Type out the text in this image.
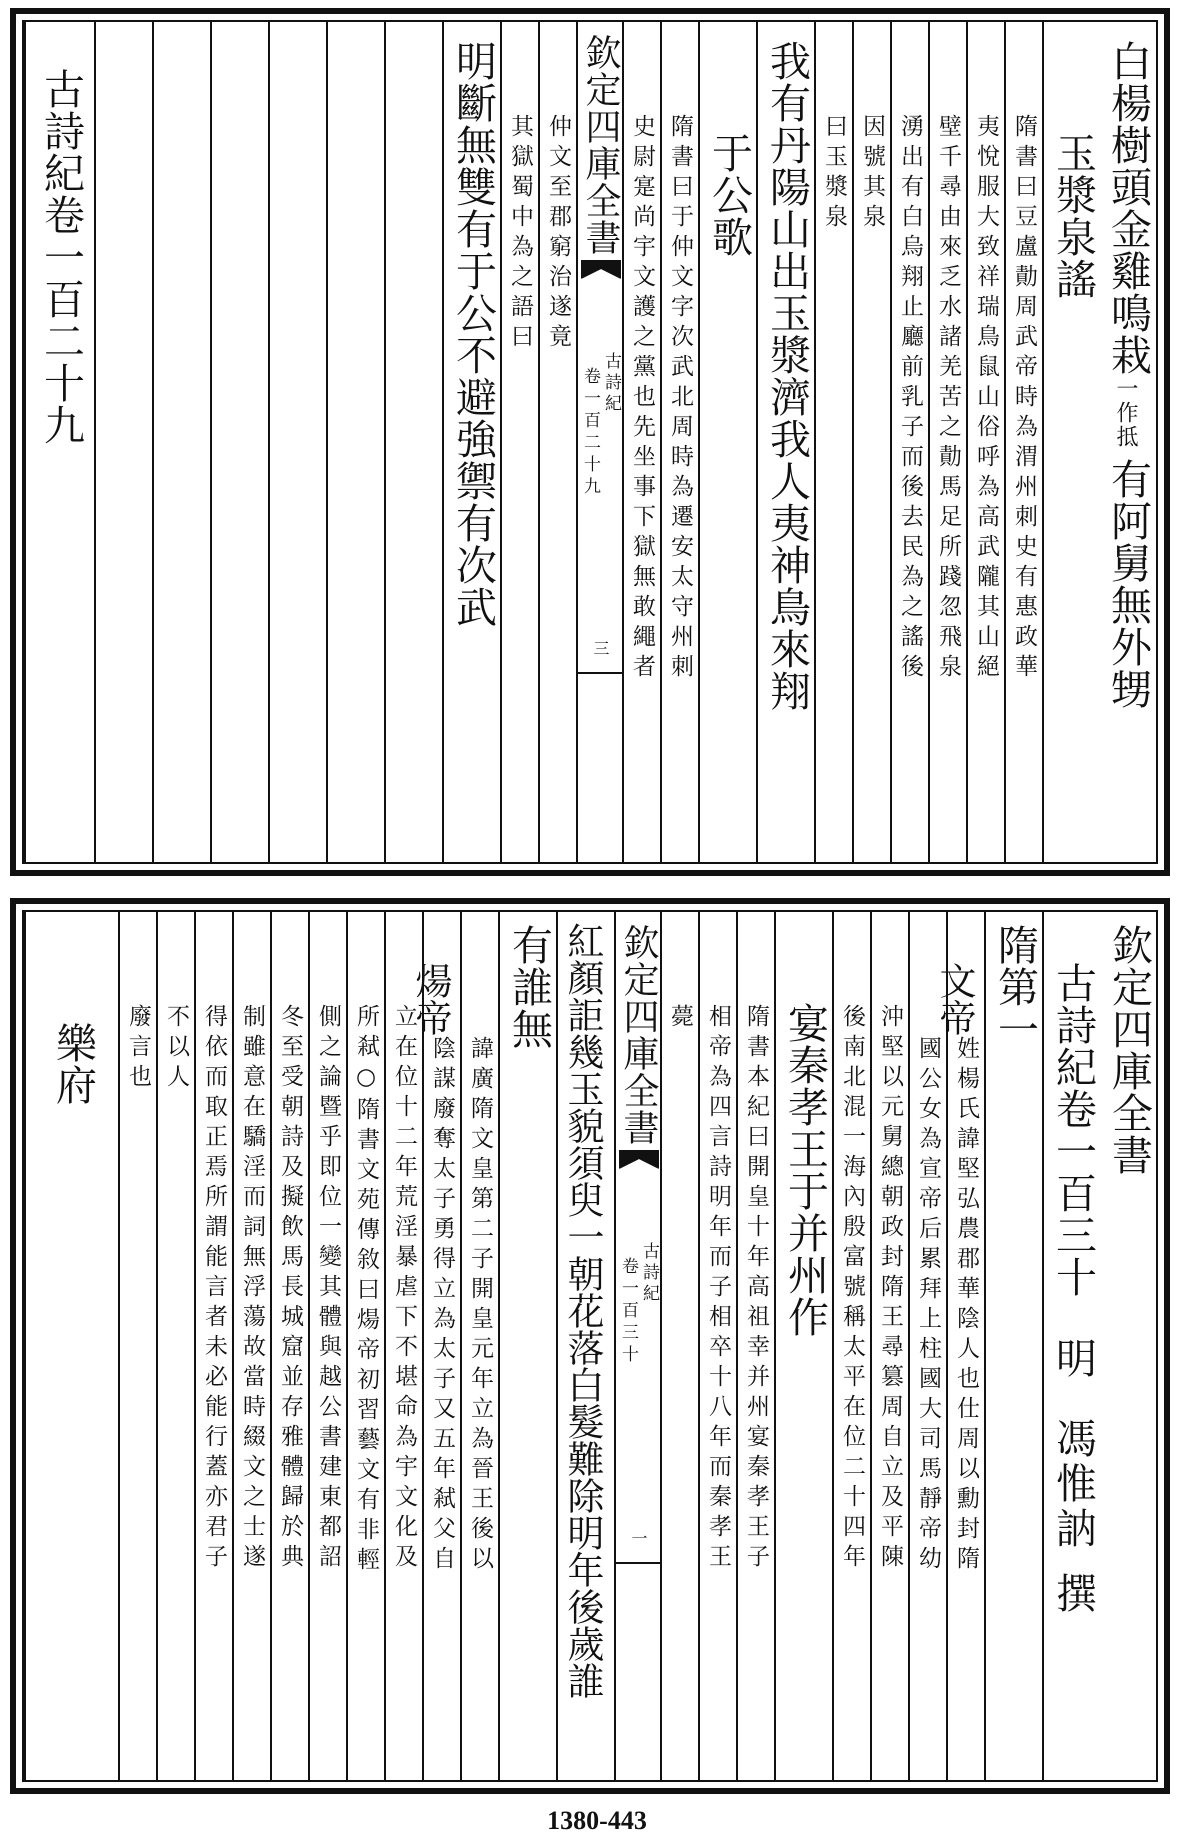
白楊樹頭金雞鳴栽
一作抵
有阿舅無外甥
玉漿泉謠
隋書曰豆盧勣周武帝時為渭州刺史有惠政華
夷悅服大致祥瑞鳥鼠山俗呼為高武隴其山絕
壁千尋由來乏水諸羌苦之勣馬足所踐忽飛泉
湧出有白烏翔止廳前乳子而後去民為之謠後
因號其泉
曰玉漿泉
我有丹陽山出玉漿濟我人夷神鳥來翔
于公歌
隋書曰于仲文字次武北周時為遷安太守州刺
史尉寔尚宇文護之黨也先坐事下獄無敢繩者
欽定四庫全書
古詩紀
卷一百二十九
三
仲文至郡窮治遂竟
其獄蜀中為之語曰
明斷無雙有于公不避強禦有次武
古詩紀卷一百二十九
欽定四庫全書
古詩紀卷一百三十
明
馮惟訥
撰
隋第一
文帝
姓楊氏諱堅弘農郡華陰人也仕周以勳封隋
國公女為宣帝后累拜上柱國大司馬靜帝幼
沖堅以元舅總朝政封隋王尋篡周自立及平陳
後南北混一海內殷富號稱太平在位二十四年
宴秦孝王于并州作
隋書本紀曰開皇十年高祖幸并州宴秦孝王子
相帝為四言詩明年而子相卒十八年而秦孝王
薨
欽定四庫全書
古詩紀
卷一百三十
一
紅顏詎幾玉貌須臾一朝花落白髮難除明年後歲誰
有誰無
諱廣隋文皇第二子開皇元年立為晉王後以
煬帝
陰謀廢奪太子勇得立為太子又五年弒父自
立在位十二年荒淫暴虐下不堪命為宇文化及
所弒○隋書文苑傳敘曰煬帝初習藝文有非輕
側之論暨乎即位一變其體與越公書建東都詔
冬至受朝詩及擬飲馬長城窟並存雅體歸於典
制雖意在驕淫而詞無浮蕩故當時綴文之士遂
得依而取正焉所謂能言者未必能行蓋亦君子
不以人
廢言也
樂府
1380-443
